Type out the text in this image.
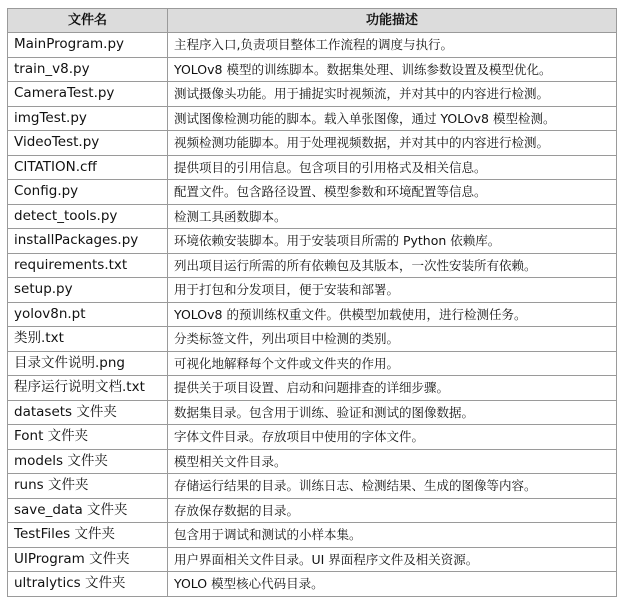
文件名	功能描述
MainProgram.py	主程序入口,负责项目整体工作流程的调度与执行。
train_v8.py	YOLOv8 模型的训练脚本。数据集处理、训练参数设置及模型优化。
CameraTest.py	测试摄像头功能。用于捕捉实时视频流，并对其中的内容进行检测。
imgTest.py	测试图像检测功能的脚本。载入单张图像，通过 YOLOv8 模型检测。
VideoTest.py	视频检测功能脚本。用于处理视频数据，并对其中的内容进行检测。
CITATION.cff	提供项目的引用信息。包含项目的引用格式及相关信息。
Config.py	配置文件。包含路径设置、模型参数和环境配置等信息。
detect_tools.py	检测工具函数脚本。
installPackages.py	环境依赖安装脚本。用于安装项目所需的 Python 依赖库。
requirements.txt	列出项目运行所需的所有依赖包及其版本，一次性安装所有依赖。
setup.py	用于打包和分发项目，便于安装和部署。
yolov8n.pt	YOLOv8 的预训练权重文件。供模型加载使用，进行检测任务。
类别.txt	分类标签文件，列出项目中检测的类别。
目录文件说明.png	可视化地解释每个文件或文件夹的作用。
程序运行说明文档.txt	提供关于项目设置、启动和问题排查的详细步骤。
datasets 文件夹	数据集目录。包含用于训练、验证和测试的图像数据。
Font 文件夹	字体文件目录。存放项目中使用的字体文件。
models 文件夹	模型相关文件目录。
runs 文件夹	存储运行结果的目录。训练日志、检测结果、生成的图像等内容。
save_data 文件夹	存放保存数据的目录。
TestFiles 文件夹	包含用于调试和测试的小样本集。
UIProgram 文件夹	用户界面相关文件目录。UI 界面程序文件及相关资源。
ultralytics 文件夹	YOLO 模型核心代码目录。
